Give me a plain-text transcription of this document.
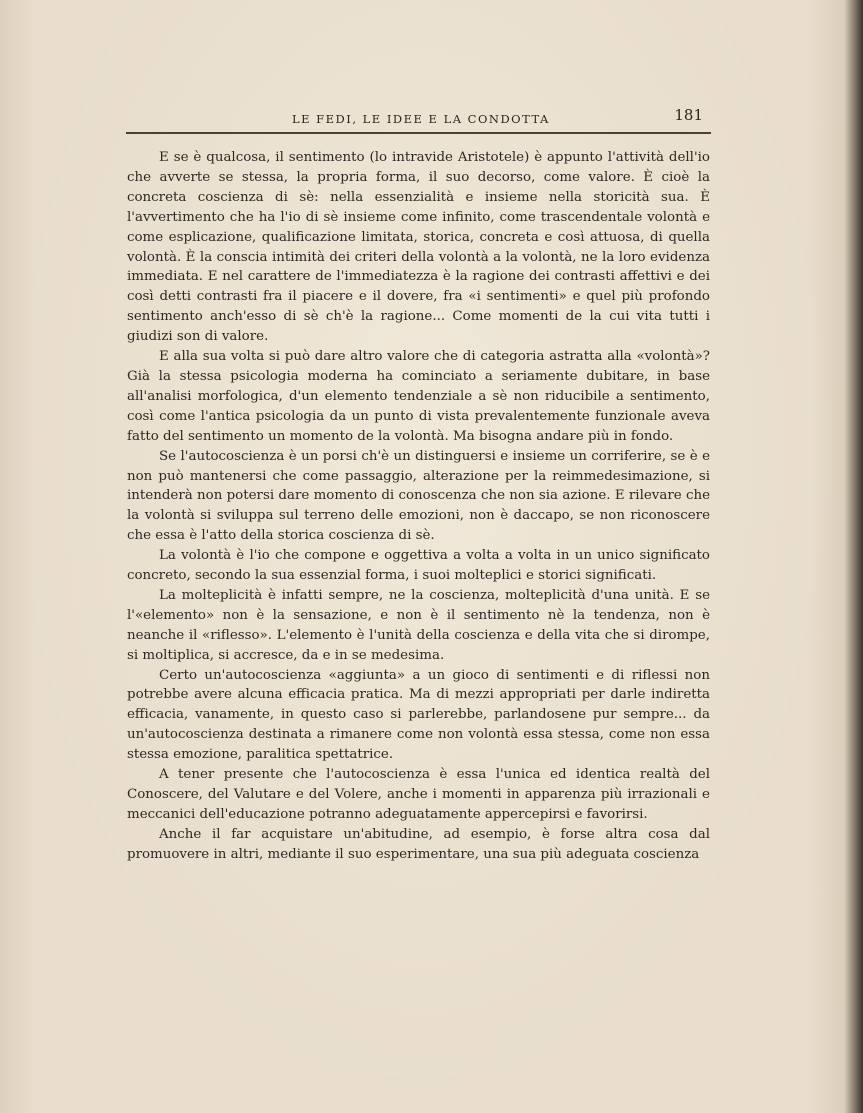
LE FEDI, LE IDEE E LA CONDOTTA	181

E se è qualcosa, il sentimento (lo intravide Aristotele) è appunto l'attività dell'io che avverte se stessa, la propria forma, il suo decorso, come valore. È cioè la concreta coscienza di sè: nella essenzialità e insieme nella storicità sua. È l'avvertimento che ha l'io di sè insieme come infinito, come trascendentale volontà e come esplicazione, qualificazione limitata, storica, concreta e così attuosa, di quella volontà. È la conscia intimità dei criteri della volontà a la volontà, ne la loro evidenza immediata. E nel carattere de l'immediatezza è la ragione dei contrasti affettivi e dei così detti contrasti fra il piacere e il dovere, fra «i sentimenti» e quel più profondo sentimento anch'esso di sè ch'è la ragione... Come momenti de la cui vita tutti i giudizi son di valore.

E alla sua volta si può dare altro valore che di categoria astratta alla «volontà»? Già la stessa psicologia moderna ha cominciato a seriamente dubitare, in base all'analisi morfologica, d'un elemento tendenziale a sè non riducibile a sentimento, così come l'antica psicologia da un punto di vista prevalentemente funzionale aveva fatto del sentimento un momento de la volontà. Ma bisogna andare più in fondo.

Se l'autocoscienza è un porsi ch'è un distinguersi e insieme un corriferire, se è e non può mantenersi che come passaggio, alterazione per la reimmedesimazione, si intenderà non potersi dare momento di conoscenza che non sia azione. E rilevare che la volontà si sviluppa sul terreno delle emozioni, non è daccapo, se non riconoscere che essa è l'atto della storica coscienza di sè.

La volontà è l'io che compone e oggettiva a volta a volta in un unico significato concreto, secondo la sua essenzial forma, i suoi molteplici e storici significati.

La molteplicità è infatti sempre, ne la coscienza, molteplicità d'una unità. E se l'«elemento» non è la sensazione, e non è il sentimento nè la tendenza, non è neanche il «riflesso». L'elemento è l'unità della coscienza e della vita che si dirompe, si moltiplica, si accresce, da e in se medesima.

Certo un'autocoscienza «aggiunta» a un gioco di sentimenti e di riflessi non potrebbe avere alcuna efficacia pratica. Ma di mezzi appropriati per darle indiretta efficacia, vanamente, in questo caso si parlerebbe, parlandosene pur sempre... da un'autocoscienza destinata a rimanere come non volontà essa stessa, come non essa stessa emozione, paralitica spettatrice.

A tener presente che l'autocoscienza è essa l'unica ed identica realtà del Conoscere, del Valutare e del Volere, anche i momenti in apparenza più irrazionali e meccanici dell'educazione potranno adeguatamente appercepirsi e favorirsi.

Anche il far acquistare un'abitudine, ad esempio, è forse altra cosa dal promuovere in altri, mediante il suo esperimentare, una sua più adeguata coscienza
